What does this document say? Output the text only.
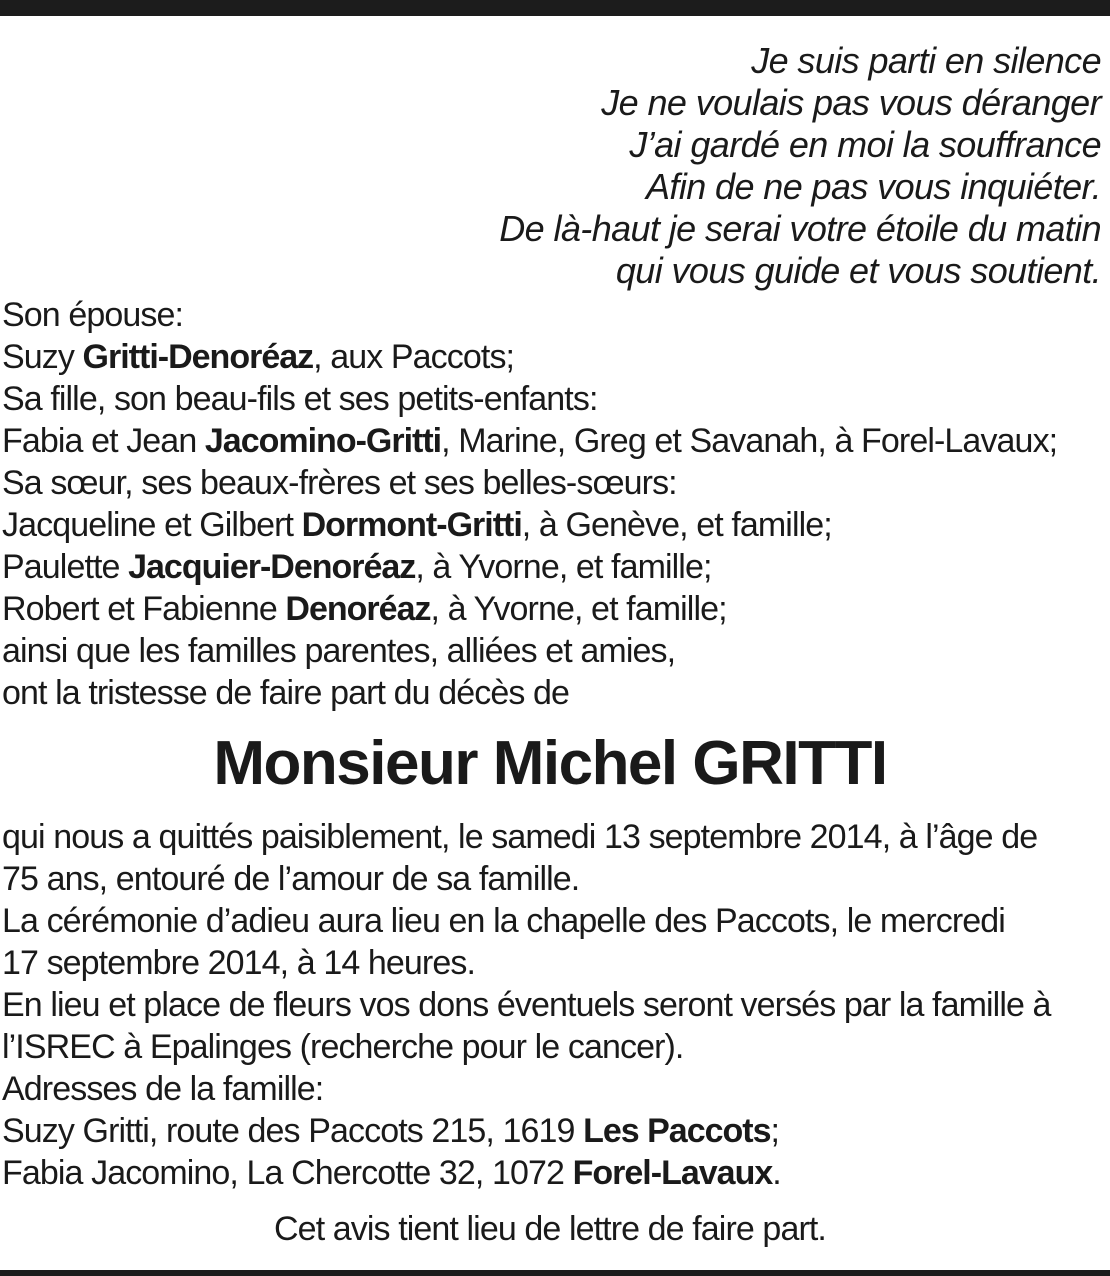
Je suis parti en silence
Je ne voulais pas vous déranger
J’ai gardé en moi la souffrance
Afin de ne pas vous inquiéter.
De là-haut je serai votre étoile du matin
qui vous guide et vous soutient.
Son épouse:
Suzy Gritti-Denoréaz, aux Paccots;
Sa fille, son beau-fils et ses petits-enfants:
Fabia et Jean Jacomino-Gritti, Marine, Greg et Savanah, à Forel-Lavaux;
Sa sœur, ses beaux-frères et ses belles-sœurs:
Jacqueline et Gilbert Dormont-Gritti, à Genève, et famille;
Paulette Jacquier-Denoréaz, à Yvorne, et famille;
Robert et Fabienne Denoréaz, à Yvorne, et famille;
ainsi que les familles parentes, alliées et amies,
ont la tristesse de faire part du décès de
Monsieur Michel GRITTI
qui nous a quittés paisiblement, le samedi 13 septembre 2014, à l’âge de
75 ans, entouré de l’amour de sa famille.
La cérémonie d’adieu aura lieu en la chapelle des Paccots, le mercredi
17 septembre 2014, à 14 heures.
En lieu et place de fleurs vos dons éventuels seront versés par la famille à
l’ISREC à Epalinges (recherche pour le cancer).
Adresses de la famille:
Suzy Gritti, route des Paccots 215, 1619 Les Paccots;
Fabia Jacomino, La Chercotte 32, 1072 Forel-Lavaux.
Cet avis tient lieu de lettre de faire part.
